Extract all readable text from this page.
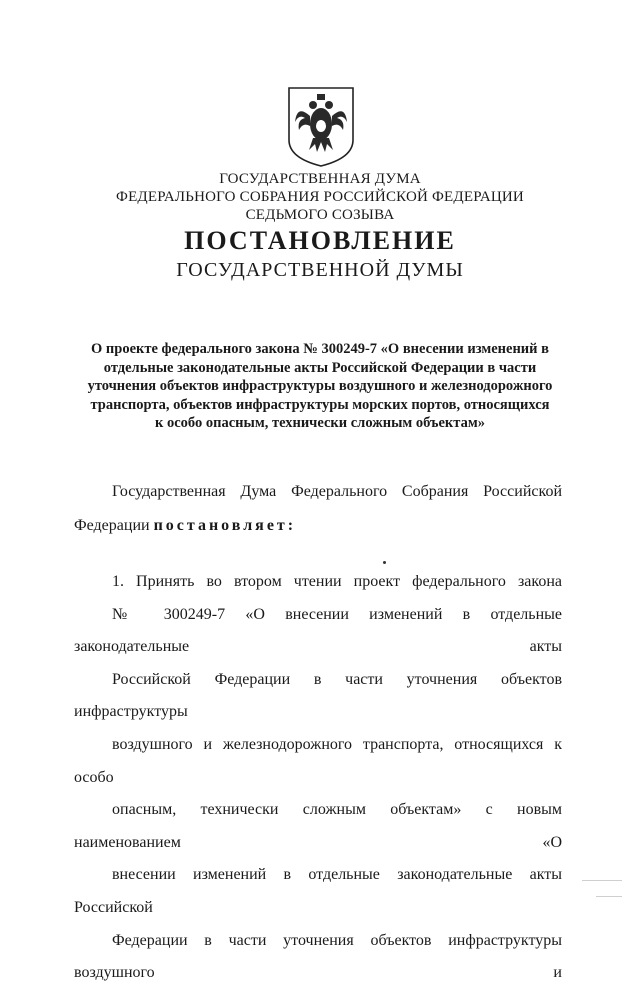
ГОСУДАРСТВЕННАЯ ДУМА
ФЕДЕРАЛЬНОГО СОБРАНИЯ РОССИЙСКОЙ ФЕДЕРАЦИИ
СЕДЬМОГО СОЗЫВА
ПОСТАНОВЛЕНИЕ
ГОСУДАРСТВЕННОЙ ДУМЫ
О проекте федерального закона № 300249-7 «О внесении изменений в
отдельные законодательные акты Российской Федерации в части
уточнения объектов инфраструктуры воздушного и железнодорожного
транспорта, объектов инфраструктуры морских портов, относящихся
к особо опасным, технически сложным объектам»
Государственная Дума Федерального Собрания Российской
Федерации постановляет:
1. Принять во втором чтении проект федерального закона
№ 300249-7 «О внесении изменений в отдельные законодательные акты
Российской Федерации в части уточнения объектов инфраструктуры
воздушного и железнодорожного транспорта, относящихся к особо
опасным, технически сложным объектам» с новым наименованием «О
внесении изменений в отдельные законодательные акты Российской
Федерации в части уточнения объектов инфраструктуры воздушного и
